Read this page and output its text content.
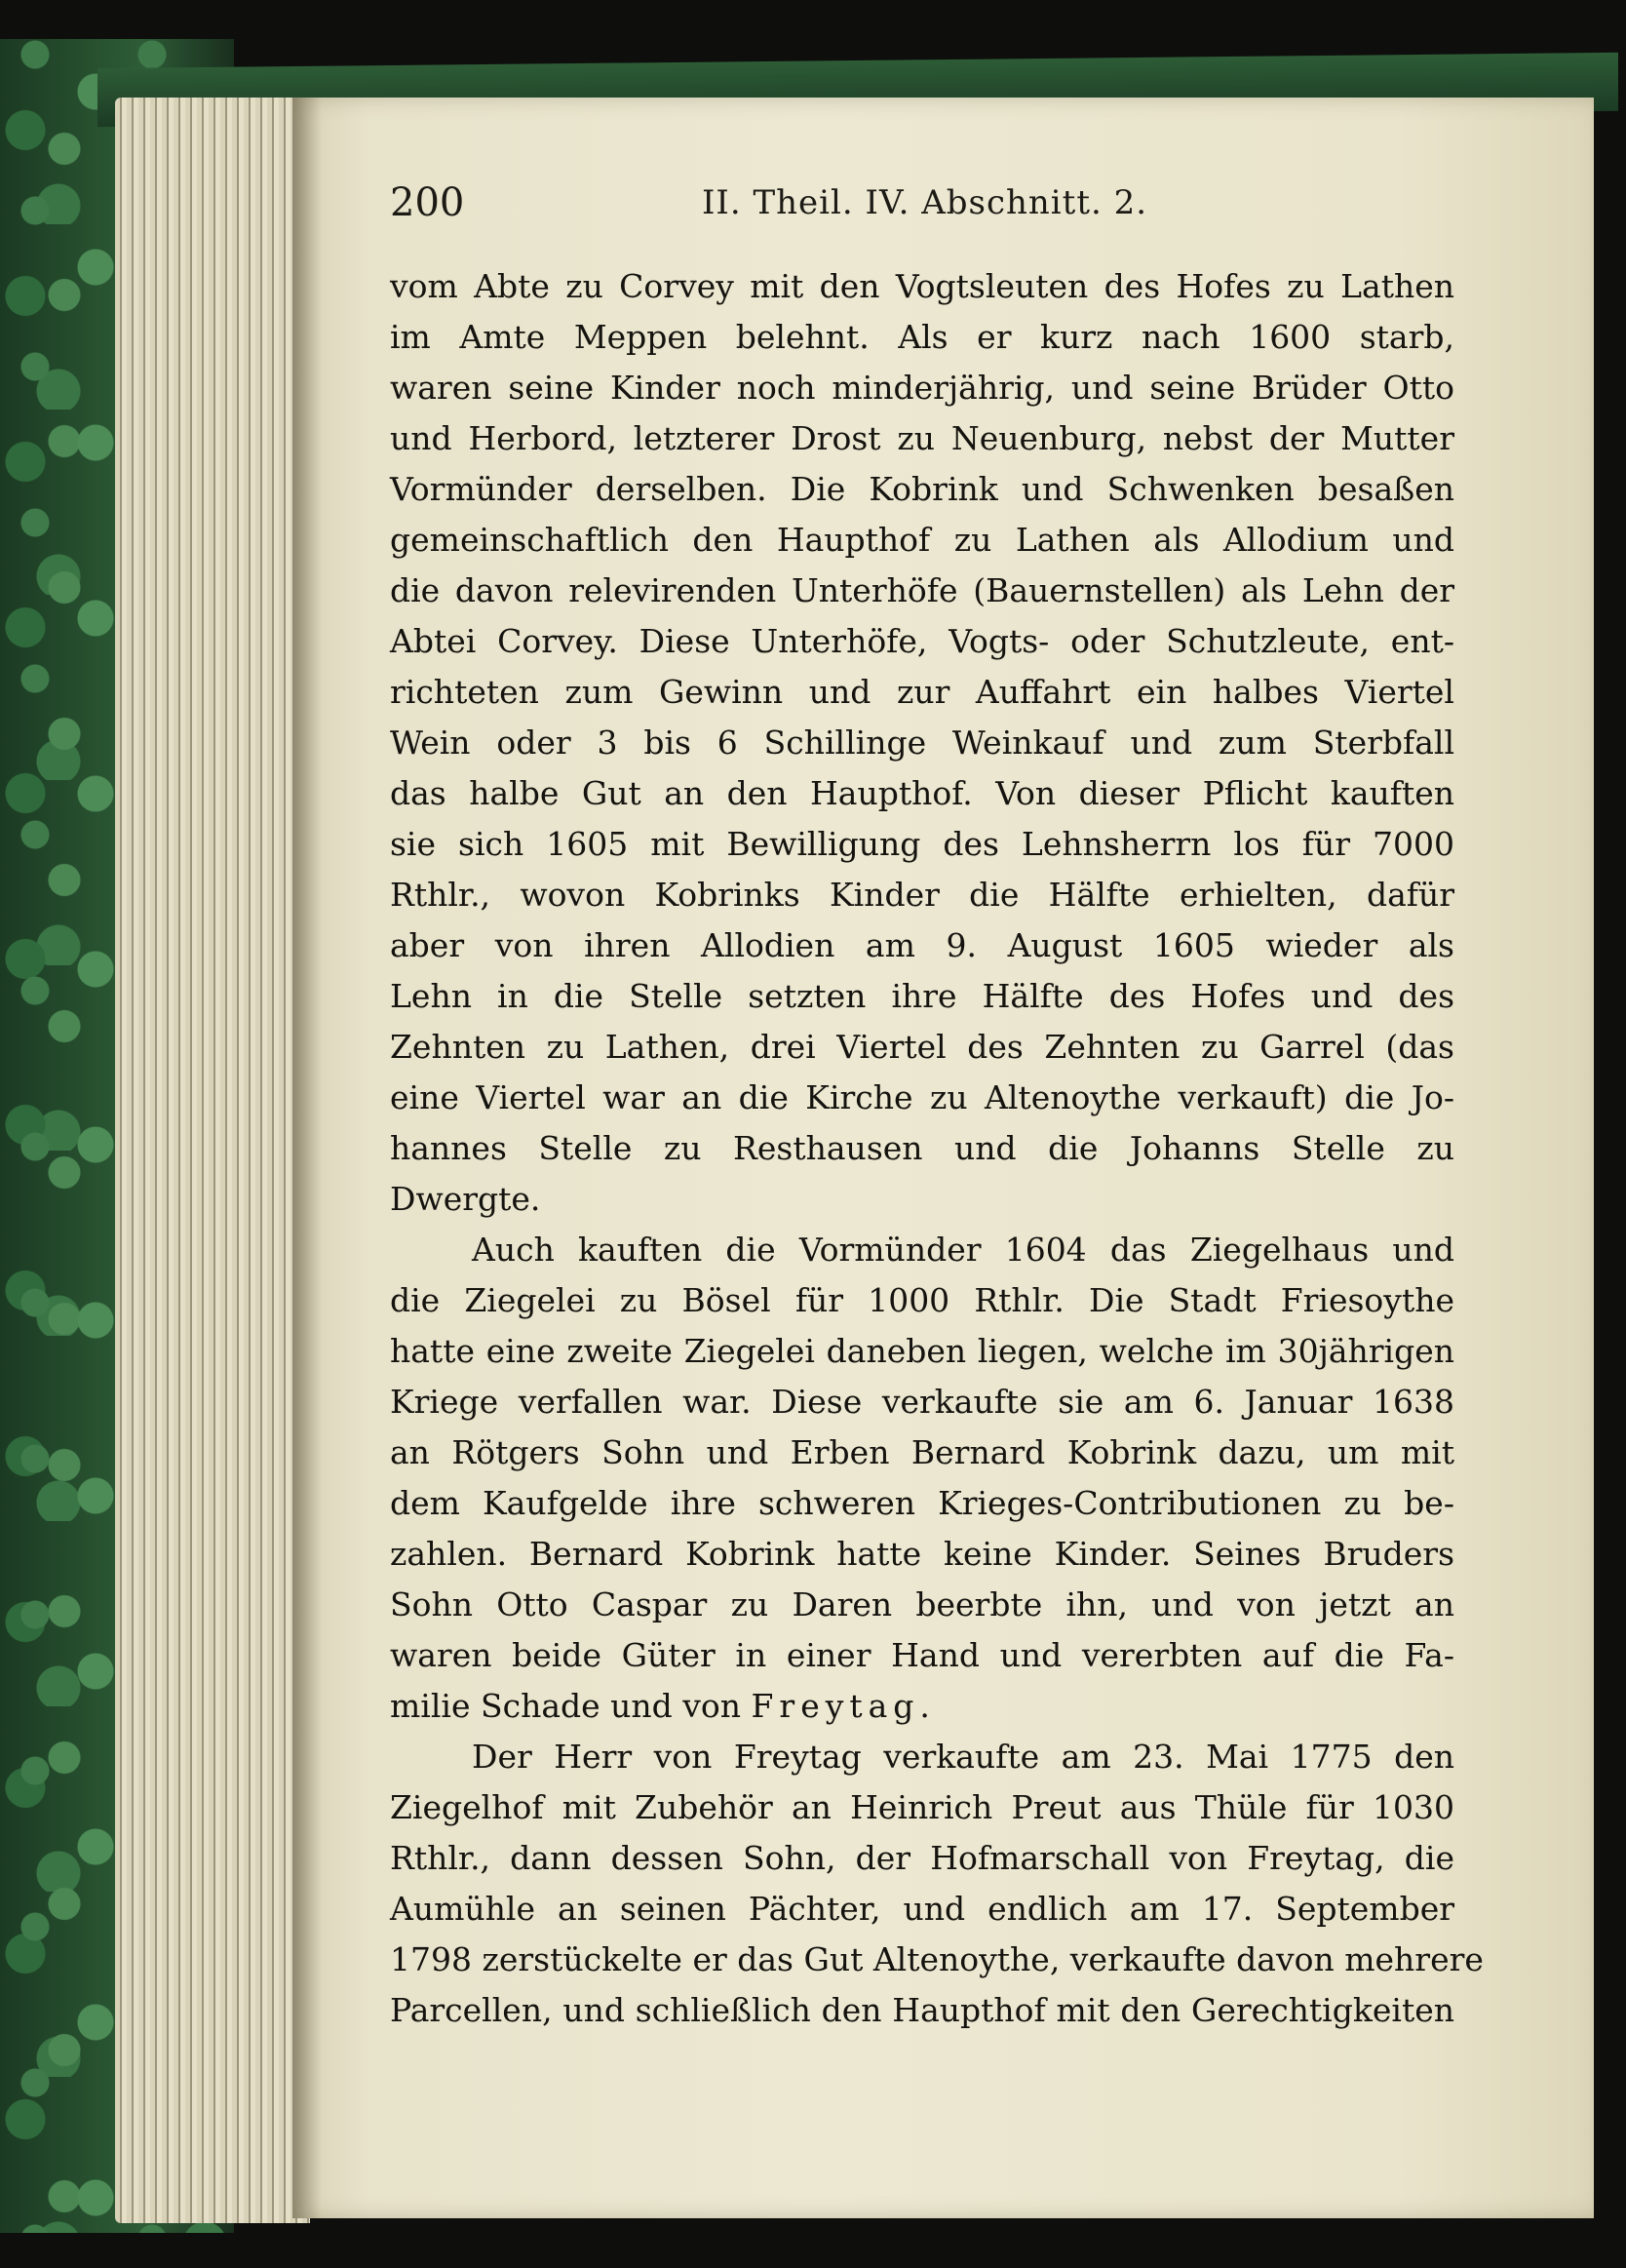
200	II. Theil. IV. Abschnitt. 2.
vom Abte zu Corvey mit den Vogtsleuten des Hofes zu Lathen
im Amte Meppen belehnt. Als er kurz nach 1600 starb,
waren seine Kinder noch minderjährig, und seine Brüder Otto
und Herbord, letzterer Drost zu Neuenburg, nebst der Mutter
Vormünder derselben. Die Kobrink und Schwenken besaßen
gemeinschaftlich den Haupthof zu Lathen als Allodium und
die davon relevirenden Unterhöfe (Bauernstellen) als Lehn der
Abtei Corvey. Diese Unterhöfe, Vogts- oder Schutzleute, ent-
richteten zum Gewinn und zur Auffahrt ein halbes Viertel
Wein oder 3 bis 6 Schillinge Weinkauf und zum Sterbfall
das halbe Gut an den Haupthof. Von dieser Pflicht kauften
sie sich 1605 mit Bewilligung des Lehnsherrn los für 7000
Rthlr., wovon Kobrinks Kinder die Hälfte erhielten, dafür
aber von ihren Allodien am 9. August 1605 wieder als
Lehn in die Stelle setzten ihre Hälfte des Hofes und des
Zehnten zu Lathen, drei Viertel des Zehnten zu Garrel (das
eine Viertel war an die Kirche zu Altenoythe verkauft) die Jo-
hannes Stelle zu Resthausen und die Johanns Stelle zu
Dwergte.
Auch kauften die Vormünder 1604 das Ziegelhaus und
die Ziegelei zu Bösel für 1000 Rthlr. Die Stadt Friesoythe
hatte eine zweite Ziegelei daneben liegen, welche im 30jährigen
Kriege verfallen war. Diese verkaufte sie am 6. Januar 1638
an Rötgers Sohn und Erben Bernard Kobrink dazu, um mit
dem Kaufgelde ihre schweren Krieges-Contributionen zu be-
zahlen. Bernard Kobrink hatte keine Kinder. Seines Bruders
Sohn Otto Caspar zu Daren beerbte ihn, und von jetzt an
waren beide Güter in einer Hand und vererbten auf die Fa-
milie Schade und von Freytag.
Der Herr von Freytag verkaufte am 23. Mai 1775 den
Ziegelhof mit Zubehör an Heinrich Preut aus Thüle für 1030
Rthlr., dann dessen Sohn, der Hofmarschall von Freytag, die
Aumühle an seinen Pächter, und endlich am 17. September
1798 zerstückelte er das Gut Altenoythe, verkaufte davon mehrere
Parcellen, und schließlich den Haupthof mit den Gerechtigkeiten
